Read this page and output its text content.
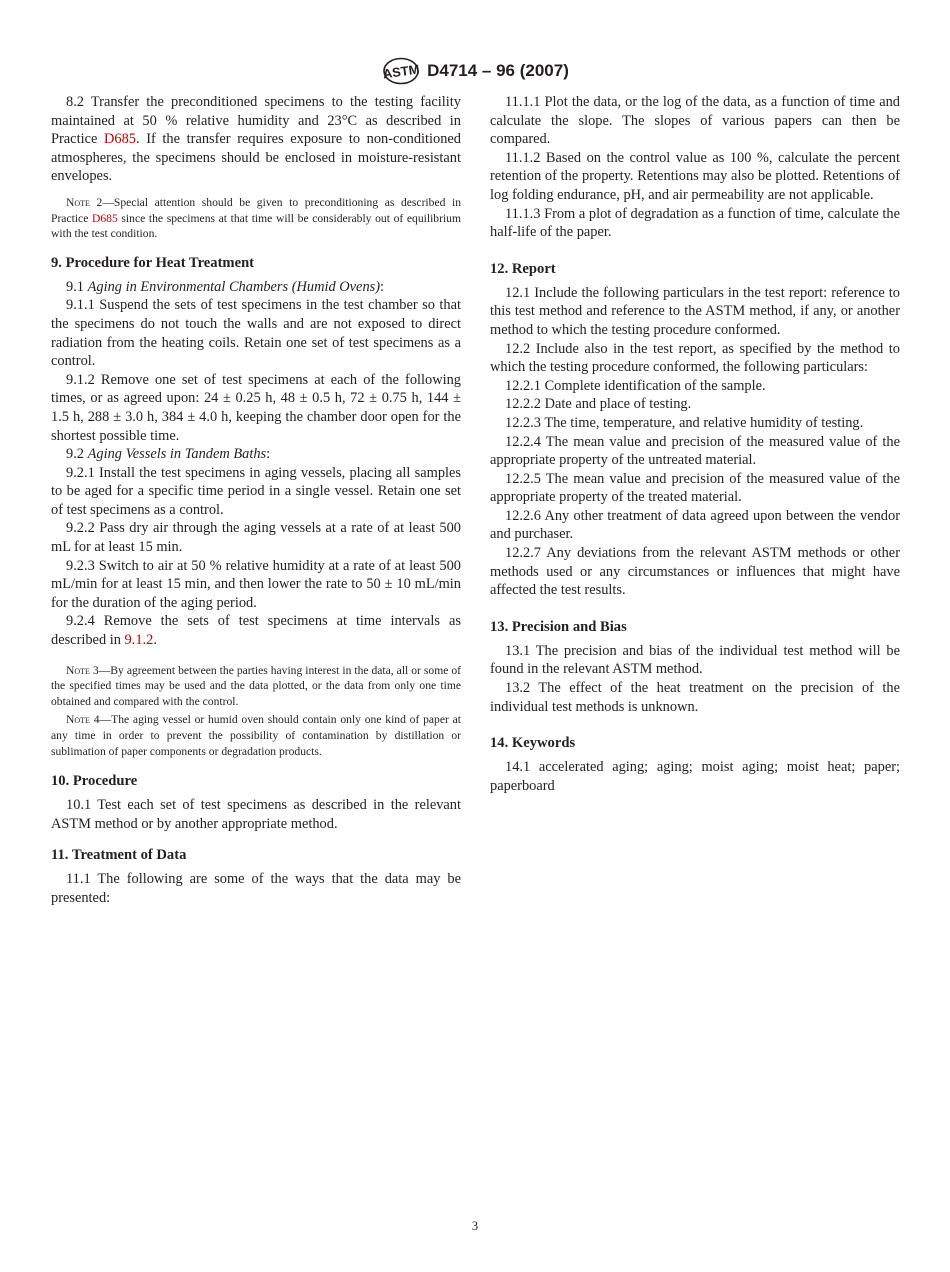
ASTM D4714 – 96 (2007)

8.2 Transfer the preconditioned specimens to the testing facility maintained at 50 % relative humidity and 23°C as described in Practice D685. If the transfer requires exposure to non-conditioned atmospheres, the specimens should be enclosed in moisture-resistant envelopes.

Note 2—Special attention should be given to preconditioning as described in Practice D685 since the specimens at that time will be considerably out of equilibrium with the test condition.
9. Procedure for Heat Treatment

9.1 Aging in Environmental Chambers (Humid Ovens):

9.1.1 Suspend the sets of test specimens in the test chamber so that the specimens do not touch the walls and are not exposed to direct radiation from the heating coils. Retain one set of test specimens as a control.

9.1.2 Remove one set of test specimens at each of the following times, or as agreed upon: 24 ± 0.25 h, 48 ± 0.5 h, 72 ± 0.75 h, 144 ± 1.5 h, 288 ± 3.0 h, 384 ± 4.0 h, keeping the chamber door open for the shortest possible time.

9.2 Aging Vessels in Tandem Baths:

9.2.1 Install the test specimens in aging vessels, placing all samples to be aged for a specific time period in a single vessel. Retain one set of test specimens as a control.

9.2.2 Pass dry air through the aging vessels at a rate of at least 500 mL for at least 15 min.

9.2.3 Switch to air at 50 % relative humidity at a rate of at least 500 mL/min for at least 15 min, and then lower the rate to 50 ± 10 mL/min for the duration of the aging period.

9.2.4 Remove the sets of test specimens at time intervals as described in 9.1.2.

Note 3—By agreement between the parties having interest in the data, all or some of the specified times may be used and the data plotted, or the data from only one time obtained and compared with the control.
Note 4—The aging vessel or humid oven should contain only one kind of paper at any time in order to prevent the possibility of contamination by distillation or sublimation of paper components or degradation products.
10. Procedure

10.1 Test each set of test specimens as described in the relevant ASTM method or by another appropriate method.

11. Treatment of Data

11.1 The following are some of the ways that the data may be presented:

11.1.1 Plot the data, or the log of the data, as a function of time and calculate the slope. The slopes of various papers can then be compared.

11.1.2 Based on the control value as 100 %, calculate the percent retention of the property. Retentions may also be plotted. Retentions of log folding endurance, pH, and air permeability are not applicable.

11.1.3 From a plot of degradation as a function of time, calculate the half-life of the paper.

12. Report

12.1 Include the following particulars in the test report: reference to this test method and reference to the ASTM method, if any, or another method to which the testing procedure conformed.

12.2 Include also in the test report, as specified by the method to which the testing procedure conformed, the following particulars:

12.2.1 Complete identification of the sample.

12.2.2 Date and place of testing.

12.2.3 The time, temperature, and relative humidity of testing.

12.2.4 The mean value and precision of the measured value of the appropriate property of the untreated material.

12.2.5 The mean value and precision of the measured value of the appropriate property of the treated material.

12.2.6 Any other treatment of data agreed upon between the vendor and purchaser.

12.2.7 Any deviations from the relevant ASTM methods or other methods used or any circumstances or influences that might have affected the test results.

13. Precision and Bias

13.1 The precision and bias of the individual test method will be found in the relevant ASTM method.

13.2 The effect of the heat treatment on the precision of the individual test methods is unknown.

14. Keywords

14.1 accelerated aging; aging; moist aging; moist heat; paper; paperboard

3
